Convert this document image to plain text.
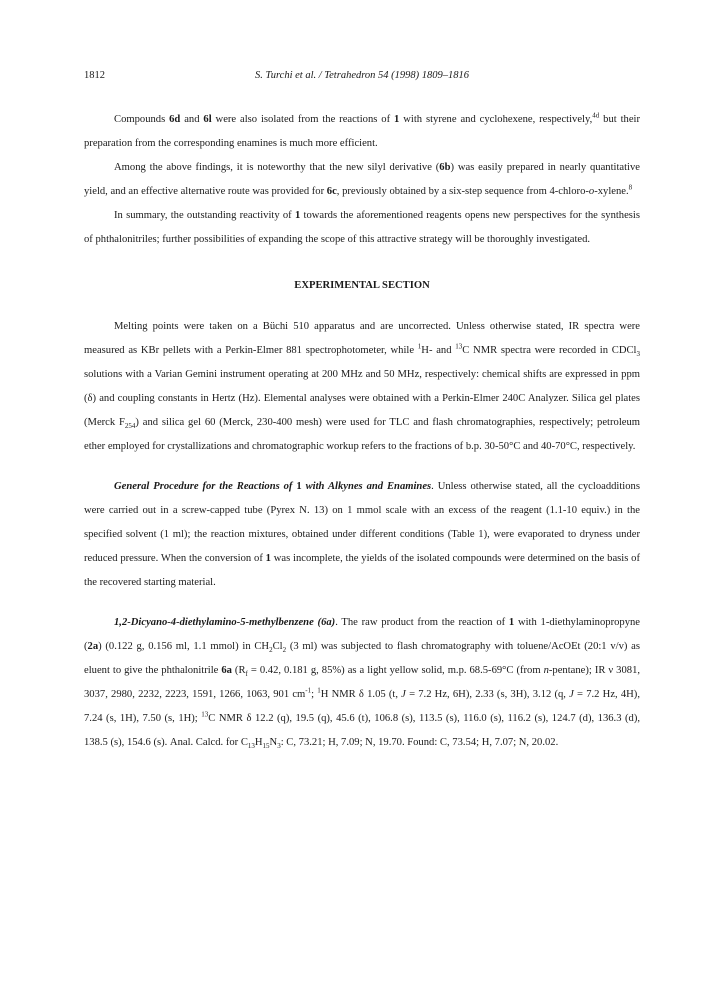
1812	S. Turchi et al. / Tetrahedron 54 (1998) 1809–1816

Compounds 6d and 6l were also isolated from the reactions of 1 with styrene and cyclohexene, respectively,$^{4d}$ but their preparation from the corresponding enamines is much more efficient.

Among the above findings, it is noteworthy that the new silyl derivative (6b) was easily prepared in nearly quantitative yield, and an effective alternative route was provided for 6c, previously obtained by a six-step sequence from 4-chloro-o-xylene.$^8$

In summary, the outstanding reactivity of 1 towards the aforementioned reagents opens new perspectives for the synthesis of phthalonitriles; further possibilities of expanding the scope of this attractive strategy will be thoroughly investigated.

EXPERIMENTAL SECTION

Melting points were taken on a Büchi 510 apparatus and are uncorrected. Unless otherwise stated, IR spectra were measured as KBr pellets with a Perkin-Elmer 881 spectrophotometer, while $^1$H- and $^{13}$C NMR spectra were recorded in CDCl$_3$ solutions with a Varian Gemini instrument operating at 200 MHz and 50 MHz, respectively: chemical shifts are expressed in ppm (δ) and coupling constants in Hertz (Hz). Elemental analyses were obtained with a Perkin-Elmer 240C Analyzer. Silica gel plates (Merck $F_{254}$) and silica gel 60 (Merck, 230-400 mesh) were used for TLC and flash chromatographies, respectively; petroleum ether employed for crystallizations and chromatographic workup refers to the fractions of b.p. 30-50°C and 40-70°C, respectively.

General Procedure for the Reactions of 1 with Alkynes and Enamines. Unless otherwise stated, all the cycloadditions were carried out in a screw-capped tube (Pyrex N. 13) on 1 mmol scale with an excess of the reagent (1.1-10 equiv.) in the specified solvent (1 ml); the reaction mixtures, obtained under different conditions (Table 1), were evaporated to dryness under reduced pressure. When the conversion of 1 was incomplete, the yields of the isolated compounds were determined on the basis of the recovered starting material.

1,2-Dicyano-4-diethylamino-5-methylbenzene (6a). The raw product from the reaction of 1 with 1-diethylaminopropyne (2a) (0.122 g, 0.156 ml, 1.1 mmol) in $CH_2Cl_2$ (3 ml) was subjected to flash chromatography with toluene/AcOEt (20:1 v/v) as eluent to give the phthalonitrile 6a ($R_f = 0.42$, 0.181 g, 85%) as a light yellow solid, m.p. 68.5-69°C (from n-pentane); IR ν 3081, 3037, 2980, 2232, 2223, 1591, 1266, 1063, 901 $cm^{-1}$; $^1$H NMR δ 1.05 (t, J = 7.2 Hz, 6H), 2.33 (s, 3H), 3.12 (q, J = 7.2 Hz, 4H), 7.24 (s, 1H), 7.50 (s, 1H); $^{13}$C NMR δ 12.2 (q), 19.5 (q), 45.6 (t), 106.8 (s), 113.5 (s), 116.0 (s), 116.2 (s), 124.7 (d), 136.3 (d), 138.5 (s), 154.6 (s). Anal. Calcd. for $C_{13}H_{15}N_3$: C, 73.21; H, 7.09; N, 19.70. Found: C, 73.54; H, 7.07; N, 20.02.
